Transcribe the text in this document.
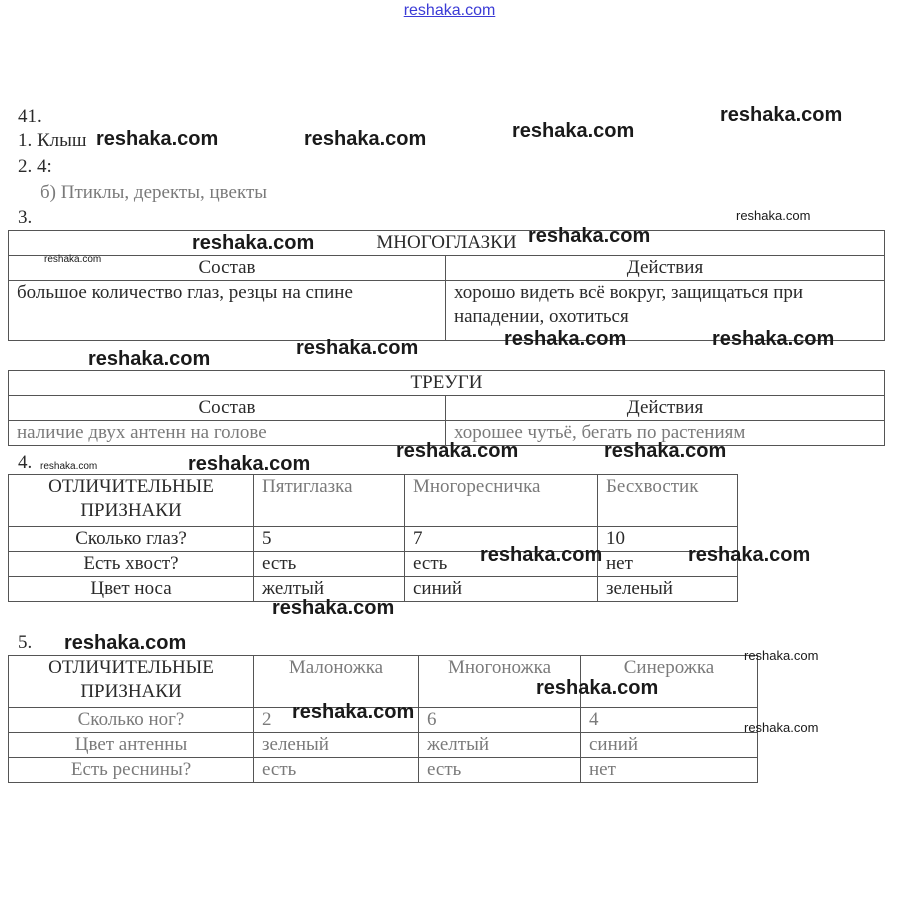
reshaka.com
41.
1. Клыш
2. 4:
б) Птиклы, деректы, цвекты
3.
МНОГОГЛАЗКИ	
Состав	Действия
большое количество глаз, резцы на спине	хорошо видеть всё вокруг, защищаться при нападении, охотиться
ТРЕУГИ	
Состав	Действия
наличие двух антенн на голове	хорошее чутьё, бегать по растениям
4.
ОТЛИЧИТЕЛЬНЫЕ ПРИЗНАКИ	Пятиглазка	Многоресничка	Бесхвостик
Сколько глаз?	5	7	10
Есть хвост?	есть	есть	нет
Цвет носа	желтый	синий	зеленый
5.
ОТЛИЧИТЕЛЬНЫЕ ПРИЗНАКИ	Малоножка	Многоножка	Синерожка
Сколько ног?	2	6	4
Цвет антенны	зеленый	желтый	синий
Есть реснины?	есть	есть	нет
reshaka.com
reshaka.com
reshaka.com	reshaka.com
reshaka.com
reshaka.com
reshaka.com
reshaka.com
reshaka.com	reshaka.com	reshaka.com
reshaka.com
reshaka.com	reshaka.com
reshaka.com
reshaka.com
reshaka.com	reshaka.com
reshaka.com
reshaka.com
reshaka.com
reshaka.com
reshaka.com
reshaka.com
